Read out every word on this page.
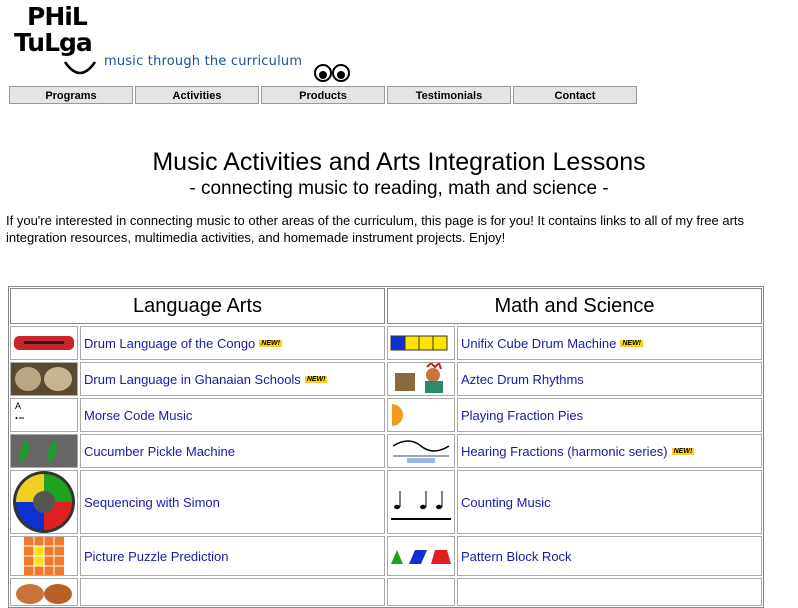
PHiL
TuLga
music through the curriculum
Programs	Activities	Products	Testimonials	Contact
Music Activities and Arts Integration Lessons
- connecting music to reading, math and science -
If you're interested in connecting music to other areas of the curriculum, this page is for you! It contains links to all of my free arts integration resources, multimedia activities, and homemade instrument projects. Enjoy!
Language Arts	Math and Science
Drum Language of the Congo NEW!	Unifix Cube Drum Machine NEW!
Drum Language in Ghanaian Schools NEW!	Aztec Drum Rhythms
A

Morse Code Music	Playing Fraction Pies
Cucumber Pickle Machine	Hearing Fractions (harmonic series) NEW!
Sequencing with Simon	Counting Music
Picture Puzzle Prediction	Pattern Block Rock
